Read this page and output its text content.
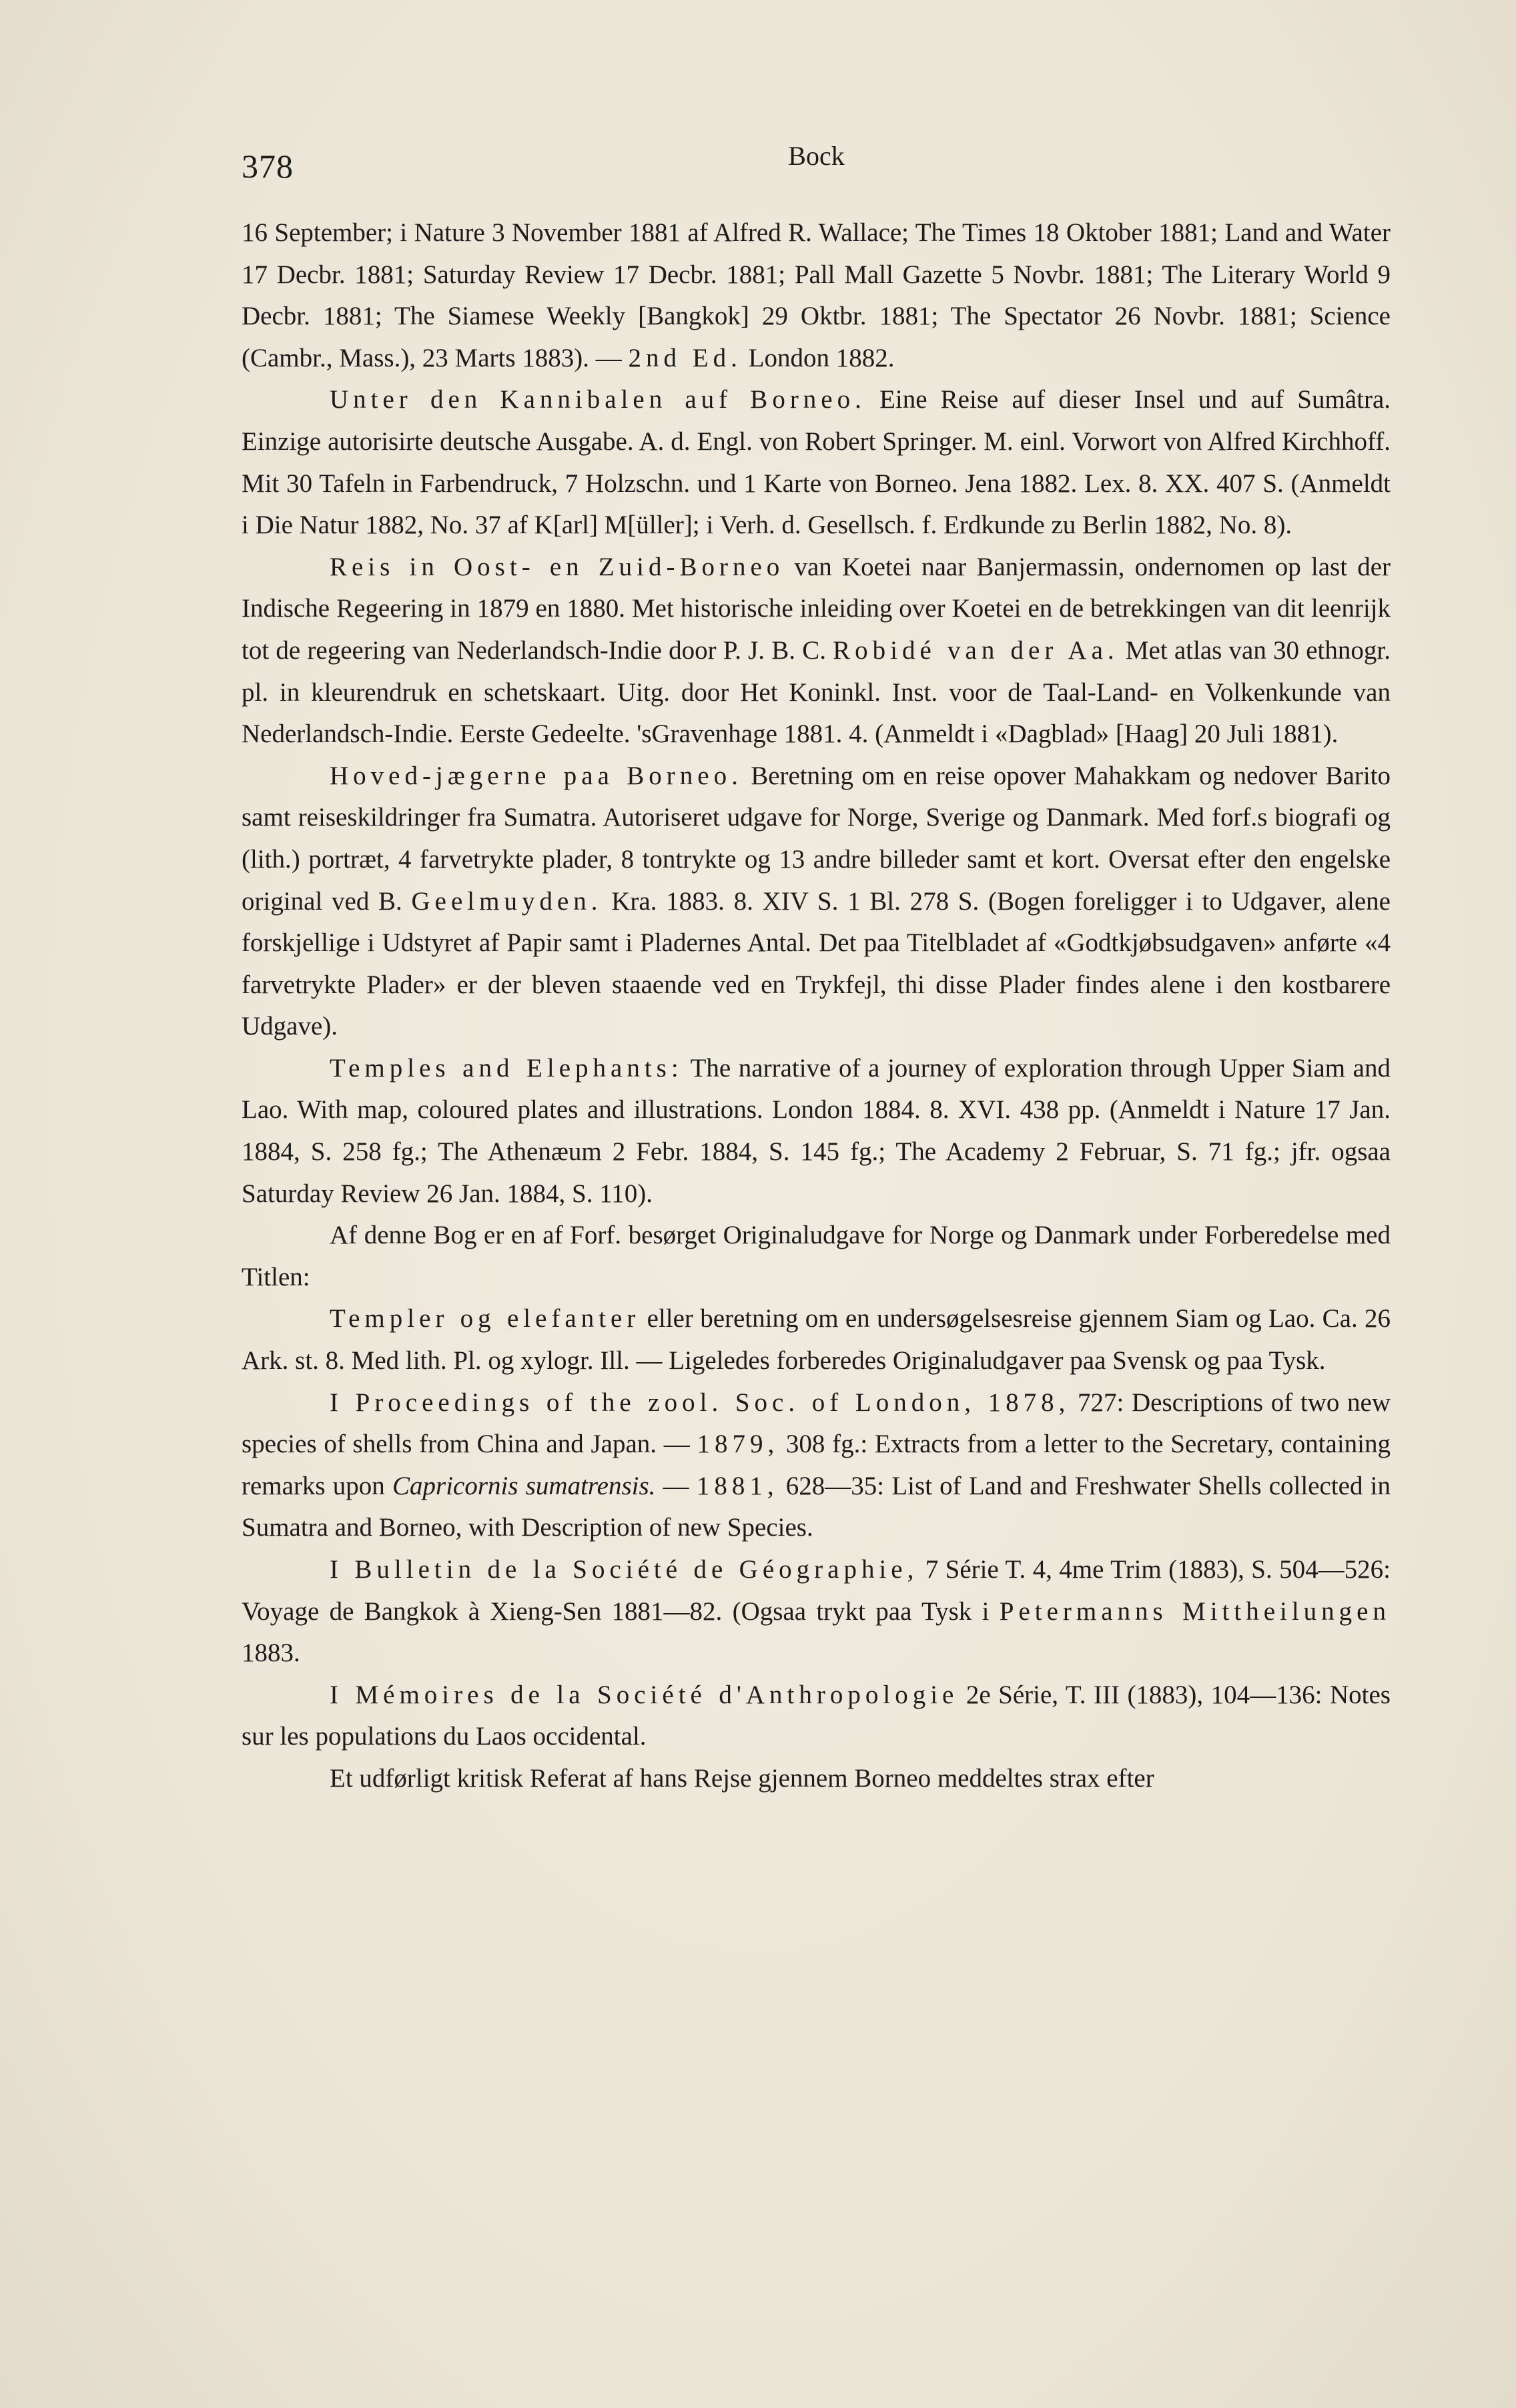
378	Bock

16 September; i Nature 3 November 1881 af Alfred R. Wallace; The Times 18 Oktober 1881; Land and Water 17 Decbr. 1881; Saturday Review 17 Decbr. 1881; Pall Mall Gazette 5 Novbr. 1881; The Literary World 9 Decbr. 1881; The Siamese Weekly [Bangkok] 29 Oktbr. 1881; The Spectator 26 Novbr. 1881; Science (Cambr., Mass.), 23 Marts 1883). — 2nd Ed. London 1882.

Unter den Kannibalen auf Borneo. Eine Reise auf dieser Insel und auf Sumâtra. Einzige autorisirte deutsche Ausgabe. A. d. Engl. von Robert Springer. M. einl. Vorwort von Alfred Kirchhoff. Mit 30 Tafeln in Farbendruck, 7 Holzschn. und 1 Karte von Borneo. Jena 1882. Lex. 8. XX. 407 S. (Anmeldt i Die Natur 1882, No. 37 af K[arl] M[üller]; i Verh. d. Gesellsch. f. Erdkunde zu Berlin 1882, No. 8).

Reis in Oost- en Zuid-Borneo van Koetei naar Banjermassin, ondernomen op last der Indische Regeering in 1879 en 1880. Met historische inleiding over Koetei en de betrekkingen van dit leenrijk tot de regeering van Nederlandsch-Indie door P. J. B. C. Robidé van der Aa. Met atlas van 30 ethnogr. pl. in kleurendruk en schetskaart. Uitg. door Het Koninkl. Inst. voor de Taal-Land- en Volkenkunde van Nederlandsch-Indie. Eerste Gedeelte. 'sGravenhage 1881. 4. (Anmeldt i «Dagblad» [Haag] 20 Juli 1881).

Hoved-jægerne paa Borneo. Beretning om en reise opover Mahakkam og nedover Barito samt reiseskildringer fra Sumatra. Autoriseret udgave for Norge, Sverige og Danmark. Med forf.s biografi og (lith.) portræt, 4 farvetrykte plader, 8 tontrykte og 13 andre billeder samt et kort. Oversat efter den engelske original ved B. Geelmuyden. Kra. 1883. 8. XIV S. 1 Bl. 278 S. (Bogen foreligger i to Udgaver, alene forskjellige i Udstyret af Papir samt i Pladernes Antal. Det paa Titelbladet af «Godtkjøbsudgaven» anførte «4 farvetrykte Plader» er der bleven staaende ved en Trykfejl, thi disse Plader findes alene i den kostbarere Udgave).

Temples and Elephants: The narrative of a journey of exploration through Upper Siam and Lao. With map, coloured plates and illustrations. London 1884. 8. XVI. 438 pp. (Anmeldt i Nature 17 Jan. 1884, S. 258 fg.; The Athenæum 2 Febr. 1884, S. 145 fg.; The Academy 2 Februar, S. 71 fg.; jfr. ogsaa Saturday Review 26 Jan. 1884, S. 110).

Af denne Bog er en af Forf. besørget Originaludgave for Norge og Danmark under Forberedelse med Titlen:

Templer og elefanter eller beretning om en undersøgelsesreise gjennem Siam og Lao. Ca. 26 Ark. st. 8. Med lith. Pl. og xylogr. Ill. — Ligeledes forberedes Originaludgaver paa Svensk og paa Tysk.

I Proceedings of the zool. Soc. of London, 1878, 727: Descriptions of two new species of shells from China and Japan. — 1879, 308 fg.: Extracts from a letter to the Secretary, containing remarks upon Capricornis sumatrensis. — 1881, 628—35: List of Land and Freshwater Shells collected in Sumatra and Borneo, with Description of new Species.

I Bulletin de la Société de Géographie, 7 Série T. 4, 4me Trim (1883), S. 504—526: Voyage de Bangkok à Xieng-Sen 1881—82. (Ogsaa trykt paa Tysk i Petermanns Mittheilungen 1883.

I Mémoires de la Société d'Anthropologie 2e Série, T. III (1883), 104—136: Notes sur les populations du Laos occidental.

Et udførligt kritisk Referat af hans Rejse gjennem Borneo meddeltes strax efter
